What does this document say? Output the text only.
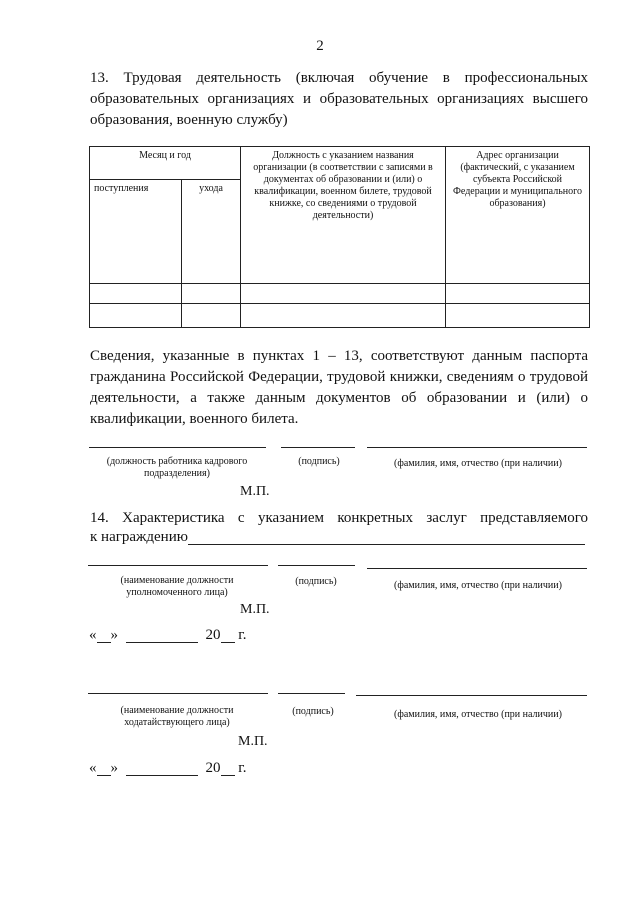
2
13. Трудовая деятельность (включая обучение в профессиональных образовательных организациях и образовательных организациях высшего образования, военную службу)
Месяц и год		Должность с указанием названия организации (в соответствии с записями в документах об образовании и (или) о квалификации, военном билете, трудовой книжке, со сведениями о трудовой деятельности)	Адрес организации (фактический, с указанием субъекта Российской Федерации и муниципального образования)

поступления	ухода		

Сведения, указанные в пунктах 1 – 13, соответствуют данным паспорта гражданина Российской Федерации, трудовой книжки, сведениям о трудовой деятельности, а также данным документов об образовании и (или) о квалификации, военного билета.
(должность работника кадрового подразделения)
(подпись)	(фамилия, имя, отчество (при наличии)
М.П.
14. Характеристика с указанием конкретных заслуг представляемого
к награждению
(наименование должности уполномоченного лица)
(подпись)	(фамилия, имя, отчество (при наличии)
М.П.
« »	20 г.
(наименование должности ходатайствующего лица)
(подпись)	(фамилия, имя, отчество (при наличии)
М.П.
« »	20 г.
